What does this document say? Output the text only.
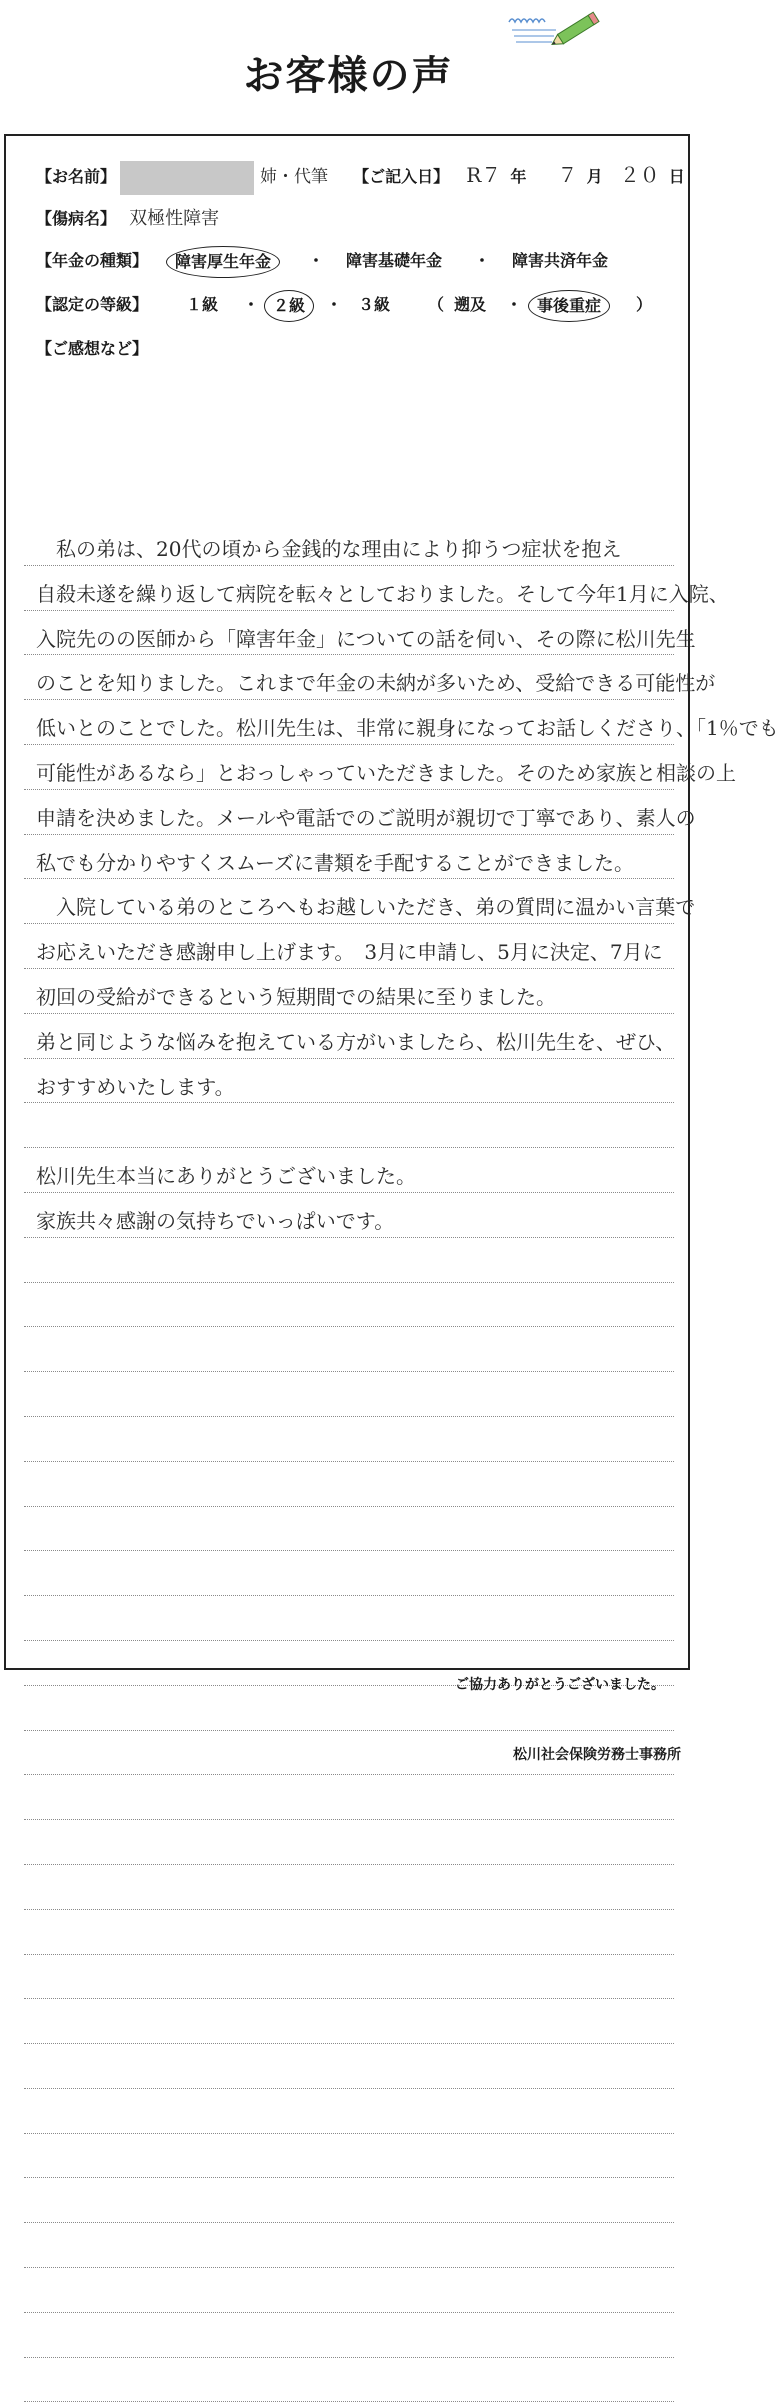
お客様の声
【お名前】	姉・代筆 【ご記入日】 R７ 年 ７ 月 ２０ 日
【傷病名】 双極性障害
【年金の種類】	障害厚生年金	・ 障害基礎年金 ・ 障害共済年金
【認定の等級】 １級 ・ ２級	・ ３級 （ 遡及 ・ 事後重症	）
【ご感想など】
　私の弟は、20代の頃から金銭的な理由により抑うつ症状を抱え
自殺未遂を繰り返して病院を転々としておりました。そして今年1月に入院、
入院先のの医師から「障害年金」についての話を伺い、その際に松川先生
のことを知りました。これまで年金の未納が多いため、受給できる可能性が
低いとのことでした。松川先生は、非常に親身になってお話しくださり、「1％でも
可能性があるなら」とおっしゃっていただきました。そのため家族と相談の上
申請を決めました。メールや電話でのご説明が親切で丁寧であり、素人の
私でも分かりやすくスムーズに書類を手配することができました。
　入院している弟のところへもお越しいただき、弟の質問に温かい言葉で
お応えいただき感謝申し上げます。　3月に申請し、5月に決定、7月に
初回の受給ができるという短期間での結果に至りました。
弟と同じような悩みを抱えている方がいましたら、松川先生を、ぜひ、
おすすめいたします。
松川先生本当にありがとうございました。
家族共々感謝の気持ちでいっぱいです。
ご協力ありがとうございました。
松川社会保険労務士事務所
